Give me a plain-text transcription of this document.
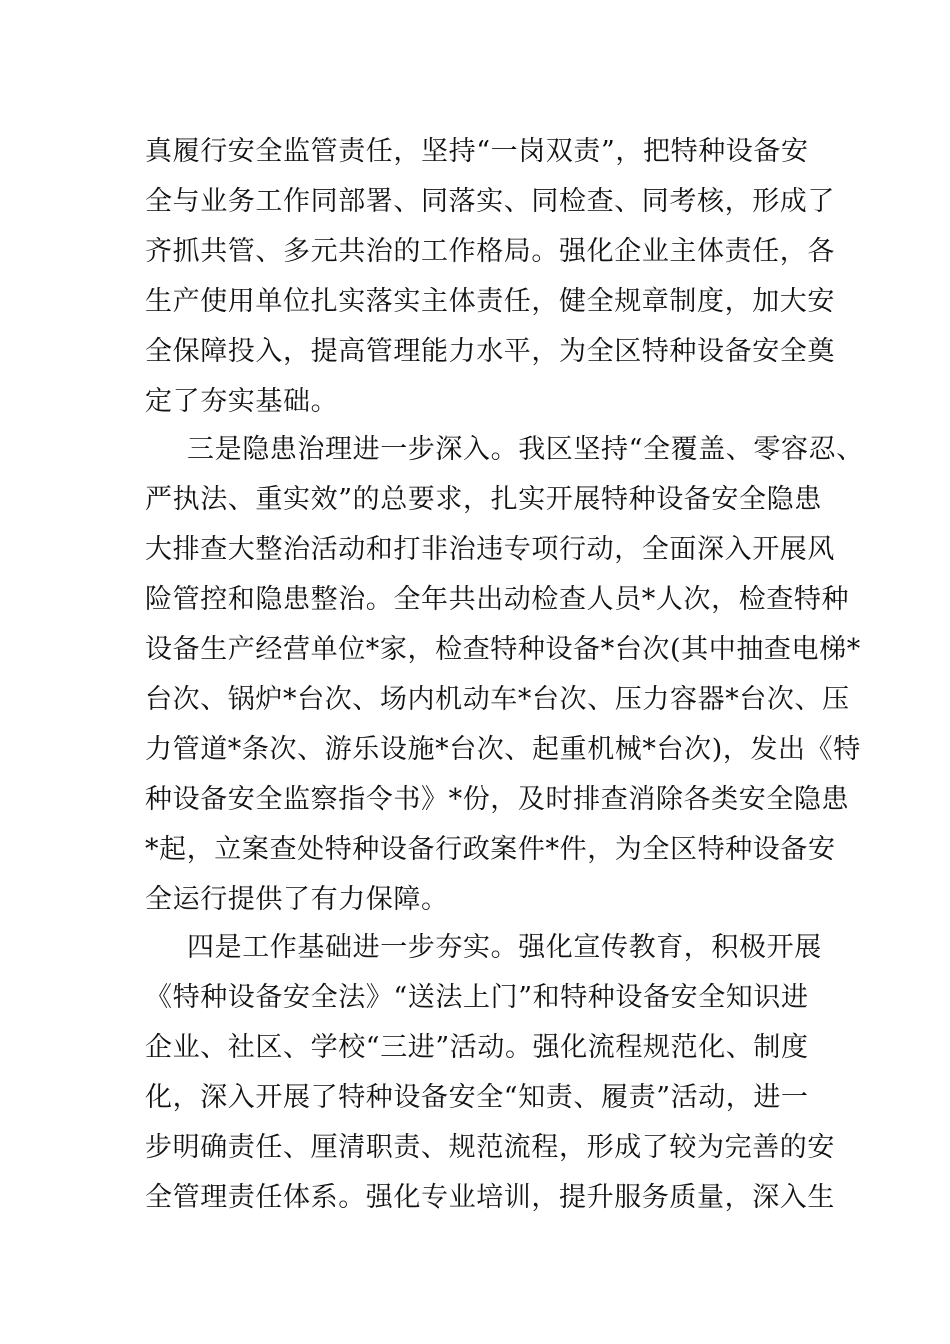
真履行安全监管责任，坚持“一岗双责”，把特种设备安
全与业务工作同部署、同落实、同检查、同考核，形成了
齐抓共管、多元共治的工作格局。强化企业主体责任，各
生产使用单位扎实落实主体责任，健全规章制度，加大安
全保障投入，提高管理能力水平，为全区特种设备安全奠
定了夯实基础。
三是隐患治理进一步深入。我区坚持“全覆盖、零容忍、
严执法、重实效”的总要求，扎实开展特种设备安全隐患
大排查大整治活动和打非治违专项行动，全面深入开展风
险管控和隐患整治。全年共出动检查人员*人次，检查特种
设备生产经营单位*家，检查特种设备*台次(其中抽查电梯*
台次、锅炉*台次、场内机动车*台次、压力容器*台次、压
力管道*条次、游乐设施*台次、起重机械*台次)，发出《特
种设备安全监察指令书》*份，及时排查消除各类安全隐患
*起，立案查处特种设备行政案件*件，为全区特种设备安
全运行提供了有力保障。
四是工作基础进一步夯实。强化宣传教育，积极开展
《特种设备安全法》“送法上门”和特种设备安全知识进
企业、社区、学校“三进”活动。强化流程规范化、制度
化，深入开展了特种设备安全“知责、履责”活动，进一
步明确责任、厘清职责、规范流程，形成了较为完善的安
全管理责任体系。强化专业培训，提升服务质量，深入生
